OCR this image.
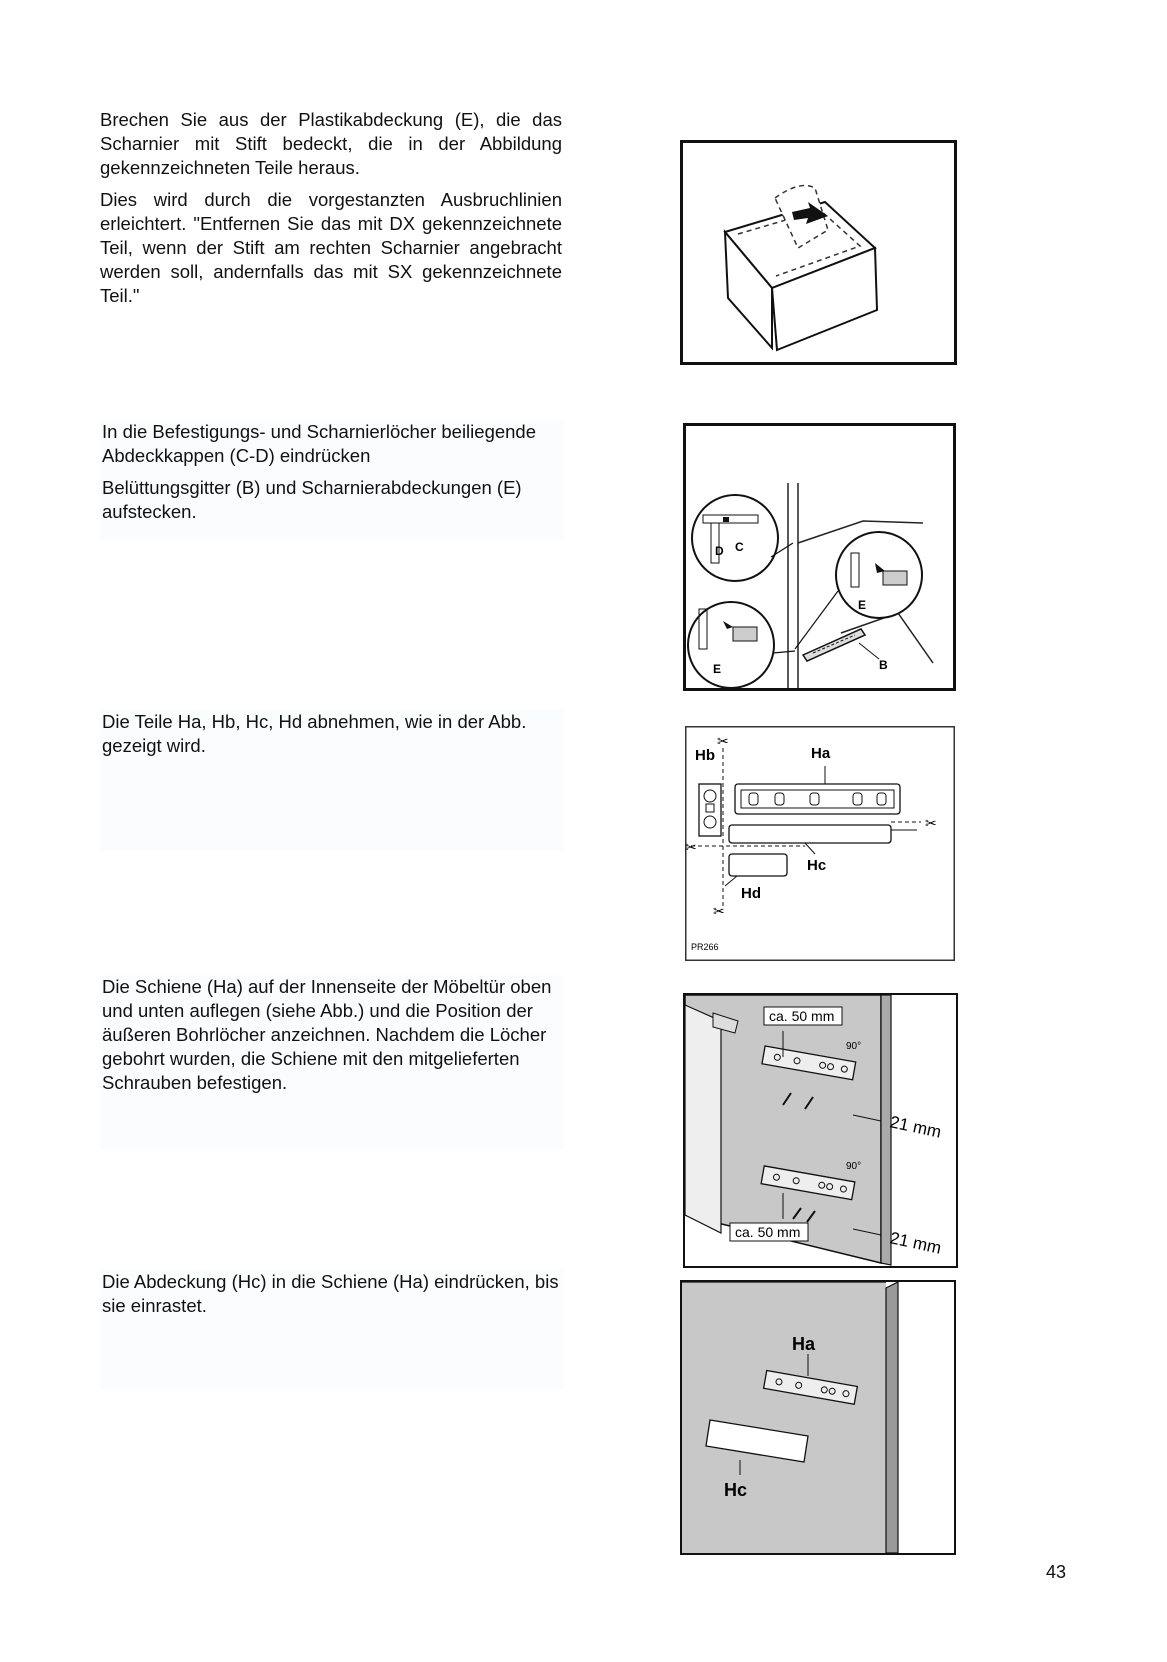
Brechen Sie aus der Plastikabdeckung (E), die das Scharnier mit Stift bedeckt, die in der Abbildung gekennzeichneten Teile heraus.

Dies wird durch die vorgestanzten Ausbruchlinien erleichtert. "Entfernen Sie das mit DX gekennzeichnete Teil, wenn der Stift am rechten Scharnier angebracht werden soll, andernfalls das mit SX gekennzeichnete Teil."

In die Befestigungs- und Scharnierlöcher beiliegende Abdeckkappen (C-D) eindrücken

Belüttungsgitter (B) und Scharnierabdeckungen (E) aufstecken.

Die Teile Ha, Hb, Hc, Hd abnehmen, wie in der Abb. gezeigt wird.

Die Schiene (Ha) auf der Innenseite der Möbeltür oben und unten auflegen (siehe Abb.) und die Position der äußeren Bohrlöcher anzeichnen. Nachdem die Löcher gebohrt wurden, die Schiene mit den mitgelieferten Schrauben befestigen.

Die Abdeckung (Hc) in die Schiene (Ha) eindrücken, bis sie einrastet.

C
D
E
E
B
✂
✂
✂
✂
Hb	Ha
Hc
Hd
PR266
ca. 50 mm
ca. 50 mm
90°
90°
21 mm
21 mm
Ha
Hc
43
